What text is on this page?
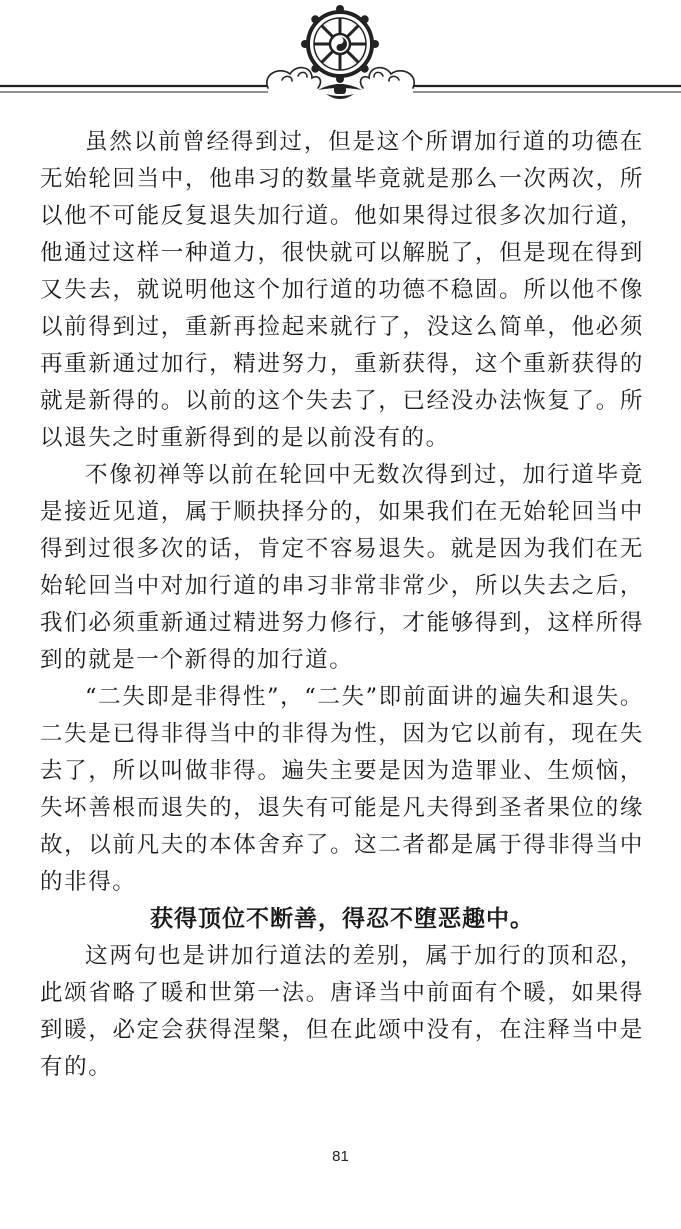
虽然以前曾经得到过，但是这个所谓加行道的功德在无始轮回当中，他串习的数量毕竟就是那么一次两次，所以他不可能反复退失加行道。他如果得过很多次加行道，他通过这样一种道力，很快就可以解脱了，但是现在得到又失去，就说明他这个加行道的功德不稳固。所以他不像以前得到过，重新再捡起来就行了，没这么简单，他必须再重新通过加行，精进努力，重新获得，这个重新获得的就是新得的。以前的这个失去了，已经没办法恢复了。所以退失之时重新得到的是以前没有的。

不像初禅等以前在轮回中无数次得到过，加行道毕竟是接近见道，属于顺抉择分的，如果我们在无始轮回当中得到过很多次的话，肯定不容易退失。就是因为我们在无始轮回当中对加行道的串习非常非常少，所以失去之后，我们必须重新通过精进努力修行，才能够得到，这样所得到的就是一个新得的加行道。

“二失即是非得性”，“二失”即前面讲的遍失和退失。二失是已得非得当中的非得为性，因为它以前有，现在失去了，所以叫做非得。遍失主要是因为造罪业、生烦恼，失坏善根而退失的，退失有可能是凡夫得到圣者果位的缘故，以前凡夫的本体舍弃了。这二者都是属于得非得当中的非得。

获得顶位不断善，得忍不堕恶趣中。

这两句也是讲加行道法的差别，属于加行的顶和忍，此颂省略了暖和世第一法。唐译当中前面有个暖，如果得到暖，必定会获得涅槃，但在此颂中没有，在注释当中是有的。

81
